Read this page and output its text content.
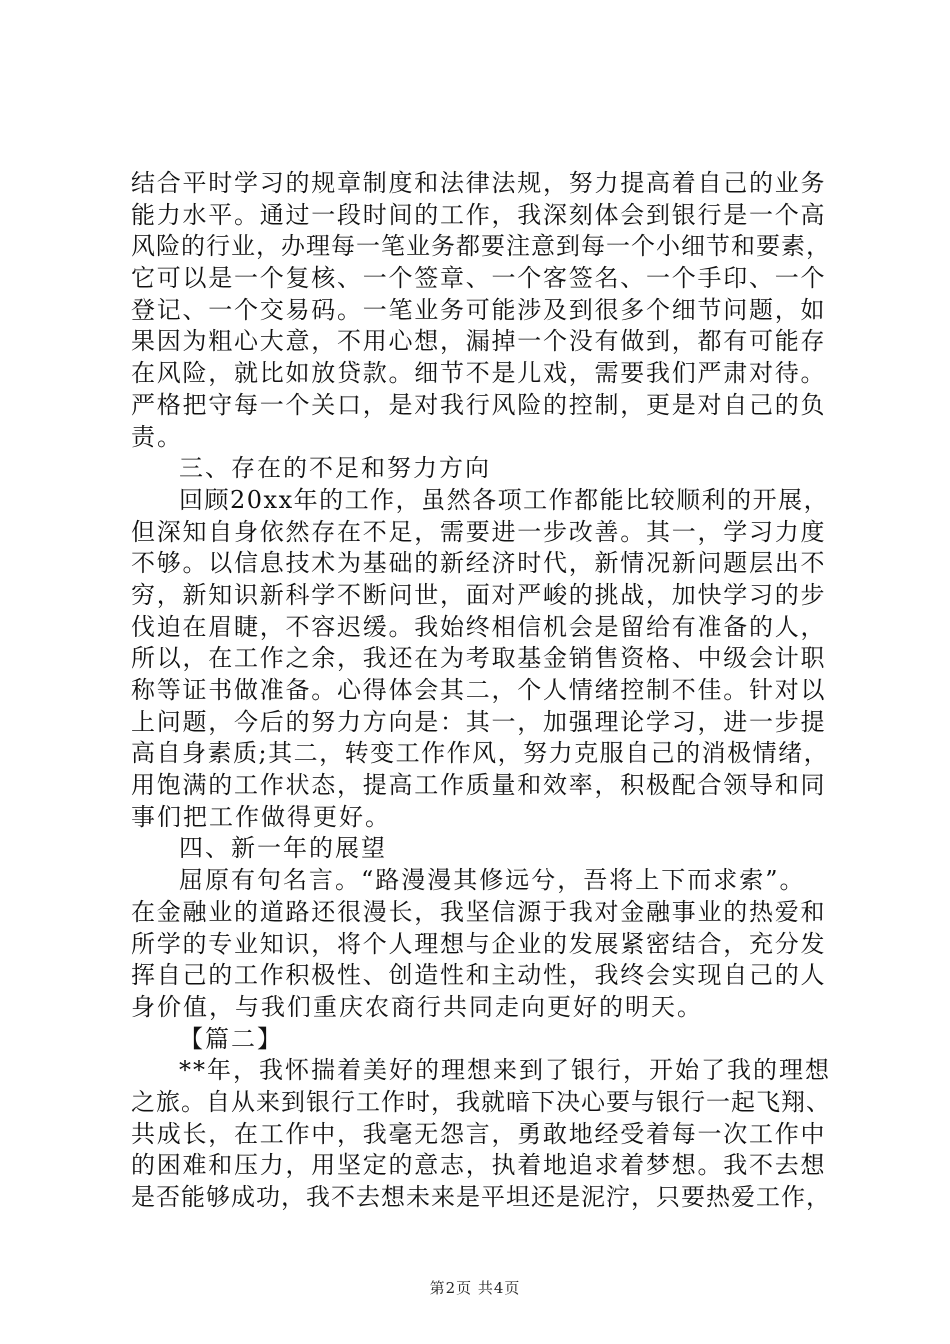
结合平时学习的规章制度和法律法规，努力提高着自己的业务
能力水平。通过一段时间的工作，我深刻体会到银行是一个高
风险的行业，办理每一笔业务都要注意到每一个小细节和要素，
它可以是一个复核、一个签章、一个客签名、一个手印、一个
登记、一个交易码。一笔业务可能涉及到很多个细节问题，如
果因为粗心大意，不用心想，漏掉一个没有做到，都有可能存
在风险，就比如放贷款。细节不是儿戏，需要我们严肃对待。
严格把守每一个关口，是对我行风险的控制，更是对自己的负
责。
三、存在的不足和努力方向
回顾20xx年的工作，虽然各项工作都能比较顺利的开展，
但深知自身依然存在不足，需要进一步改善。其一，学习力度
不够。以信息技术为基础的新经济时代，新情况新问题层出不
穷，新知识新科学不断问世，面对严峻的挑战，加快学习的步
伐迫在眉睫，不容迟缓。我始终相信机会是留给有准备的人，
所以，在工作之余，我还在为考取基金销售资格、中级会计职
称等证书做准备。心得体会其二，个人情绪控制不佳。针对以
上问题，今后的努力方向是：其一，加强理论学习，进一步提
高自身素质;其二，转变工作作风，努力克服自己的消极情绪，
用饱满的工作状态，提高工作质量和效率，积极配合领导和同
事们把工作做得更好。
四、新一年的展望
屈原有句名言。“路漫漫其修远兮，吾将上下而求索”。
在金融业的道路还很漫长，我坚信源于我对金融事业的热爱和
所学的专业知识，将个人理想与企业的发展紧密结合，充分发
挥自己的工作积极性、创造性和主动性，我终会实现自己的人
身价值，与我们重庆农商行共同走向更好的明天。
【篇二】
**年，我怀揣着美好的理想来到了银行，开始了我的理想
之旅。自从来到银行工作时，我就暗下决心要与银行一起飞翔、
共成长，在工作中，我毫无怨言，勇敢地经受着每一次工作中
的困难和压力，用坚定的意志，执着地追求着梦想。我不去想
是否能够成功，我不去想未来是平坦还是泥泞，只要热爱工作，
第2页 共4页
